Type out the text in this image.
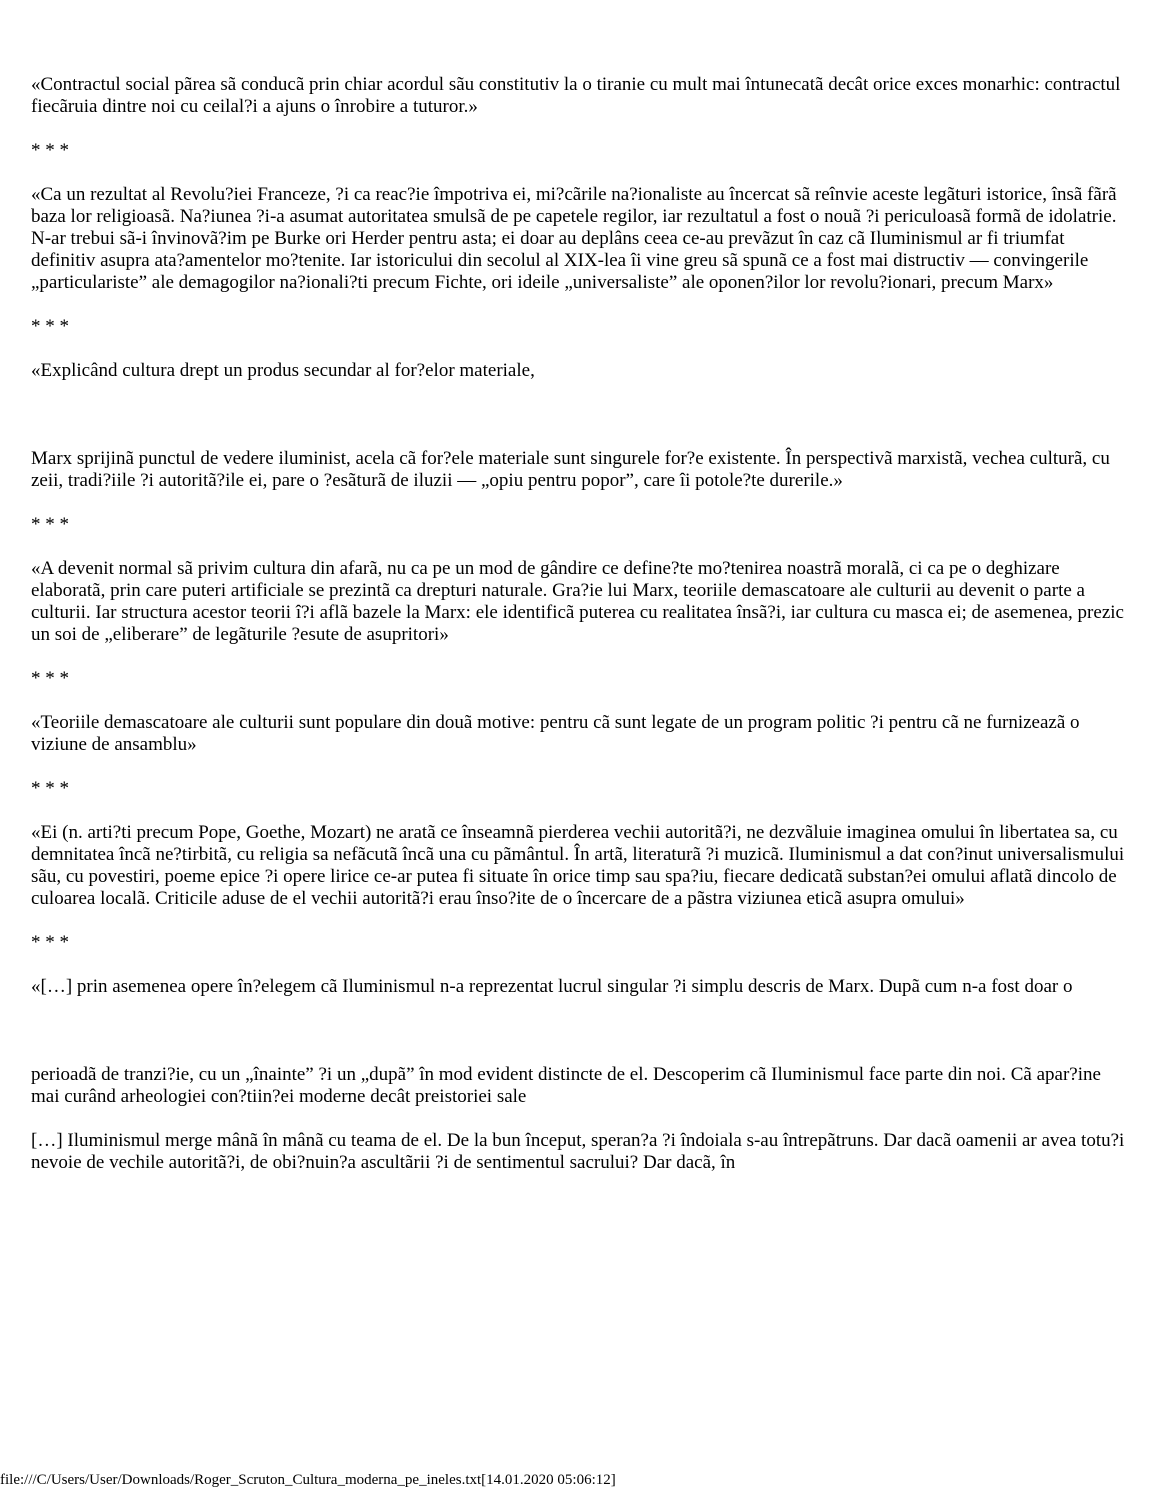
«Contractul social pãrea sã conducã prin chiar acordul sãu constitutiv la o tiranie cu mult mai întunecatã decât orice exces monarhic: contractul fiecãruia dintre noi cu ceilal?i a ajuns o înrobire a tuturor.»

* * *

«Ca un rezultat al Revolu?iei Franceze, ?i ca reac?ie împotriva ei, mi?cãrile na?ionaliste au încercat sã reînvie aceste legãturi istorice, însã fãrã baza lor religioasã. Na?iunea ?i-a asumat autoritatea smulsã de pe capetele regilor, iar rezultatul a fost o nouã ?i periculoasã formã de idolatrie. N-ar trebui sã-i învinovã?im pe Burke ori Herder pentru asta; ei doar au deplâns ceea ce-au prevãzut în caz cã Iluminismul ar fi triumfat definitiv asupra ata?amentelor mo?tenite. Iar istoricului din secolul al XIX-lea îi vine greu sã spunã ce a fost mai distructiv — convingerile „particulariste” ale demagogilor na?ionali?ti precum Fichte, ori ideile „universaliste” ale oponen?ilor lor revolu?ionari, precum Marx»

* * *

«Explicând cultura drept un produs secundar al for?elor materiale,

Marx sprijinã punctul de vedere iluminist, acela cã for?ele materiale sunt singurele for?e existente. În perspectivã marxistã, vechea culturã, cu zeii, tradi?iile ?i autoritã?ile ei, pare o ?esãturã de iluzii — „opiu pentru popor”, care îi potole?te durerile.»

* * *

«A devenit normal sã privim cultura din afarã, nu ca pe un mod de gândire ce define?te mo?tenirea noastrã moralã, ci ca pe o deghizare elaboratã, prin care puteri artificiale se prezintã ca drepturi naturale. Gra?ie lui Marx, teoriile demascatoare ale culturii au devenit o parte a culturii. Iar structura acestor teorii î?i aflã bazele la Marx: ele identificã puterea cu realitatea însã?i, iar cultura cu masca ei; de asemenea, prezic un soi de „eliberare” de legãturile ?esute de asupritori»

* * *

«Teoriile demascatoare ale culturii sunt populare din douã motive: pentru cã sunt legate de un program politic ?i pentru cã ne furnizeazã o viziune de ansamblu»

* * *

«Ei (n. arti?ti precum Pope, Goethe, Mozart) ne aratã ce înseamnã pierderea vechii autoritã?i, ne dezvãluie imaginea omului în libertatea sa, cu demnitatea încã ne?tirbitã, cu religia sa nefãcutã încã una cu pãmântul. În artã, literaturã ?i muzicã. Iluminismul a dat con?inut universalismului sãu, cu povestiri, poeme epice ?i opere lirice ce-ar putea fi situate în orice timp sau spa?iu, fiecare dedicatã substan?ei omului aflatã dincolo de culoarea localã. Criticile aduse de el vechii autoritã?i erau înso?ite de o încercare de a pãstra viziunea eticã asupra omului»

* * *

«[…] prin asemenea opere în?elegem cã Iluminismul n-a reprezentat lucrul singular ?i simplu descris de Marx. Dupã cum n-a fost doar o

perioadã de tranzi?ie, cu un „înainte” ?i un „dupã” în mod evident distincte de el. Descoperim cã Iluminismul face parte din noi. Cã apar?ine mai curând arheologiei con?tiin?ei moderne decât preistoriei sale

[…] Iluminismul merge mânã în mânã cu teama de el. De la bun început, speran?a ?i îndoiala s-au întrepãtruns. Dar dacã oamenii ar avea totu?i nevoie de vechile autoritã?i, de obi?nuin?a ascultãrii ?i de sentimentul sacrului? Dar dacã, în

file:///C/Users/User/Downloads/Roger_Scruton_Cultura_moderna_pe_ineles.txt[14.01.2020 05:06:12]
